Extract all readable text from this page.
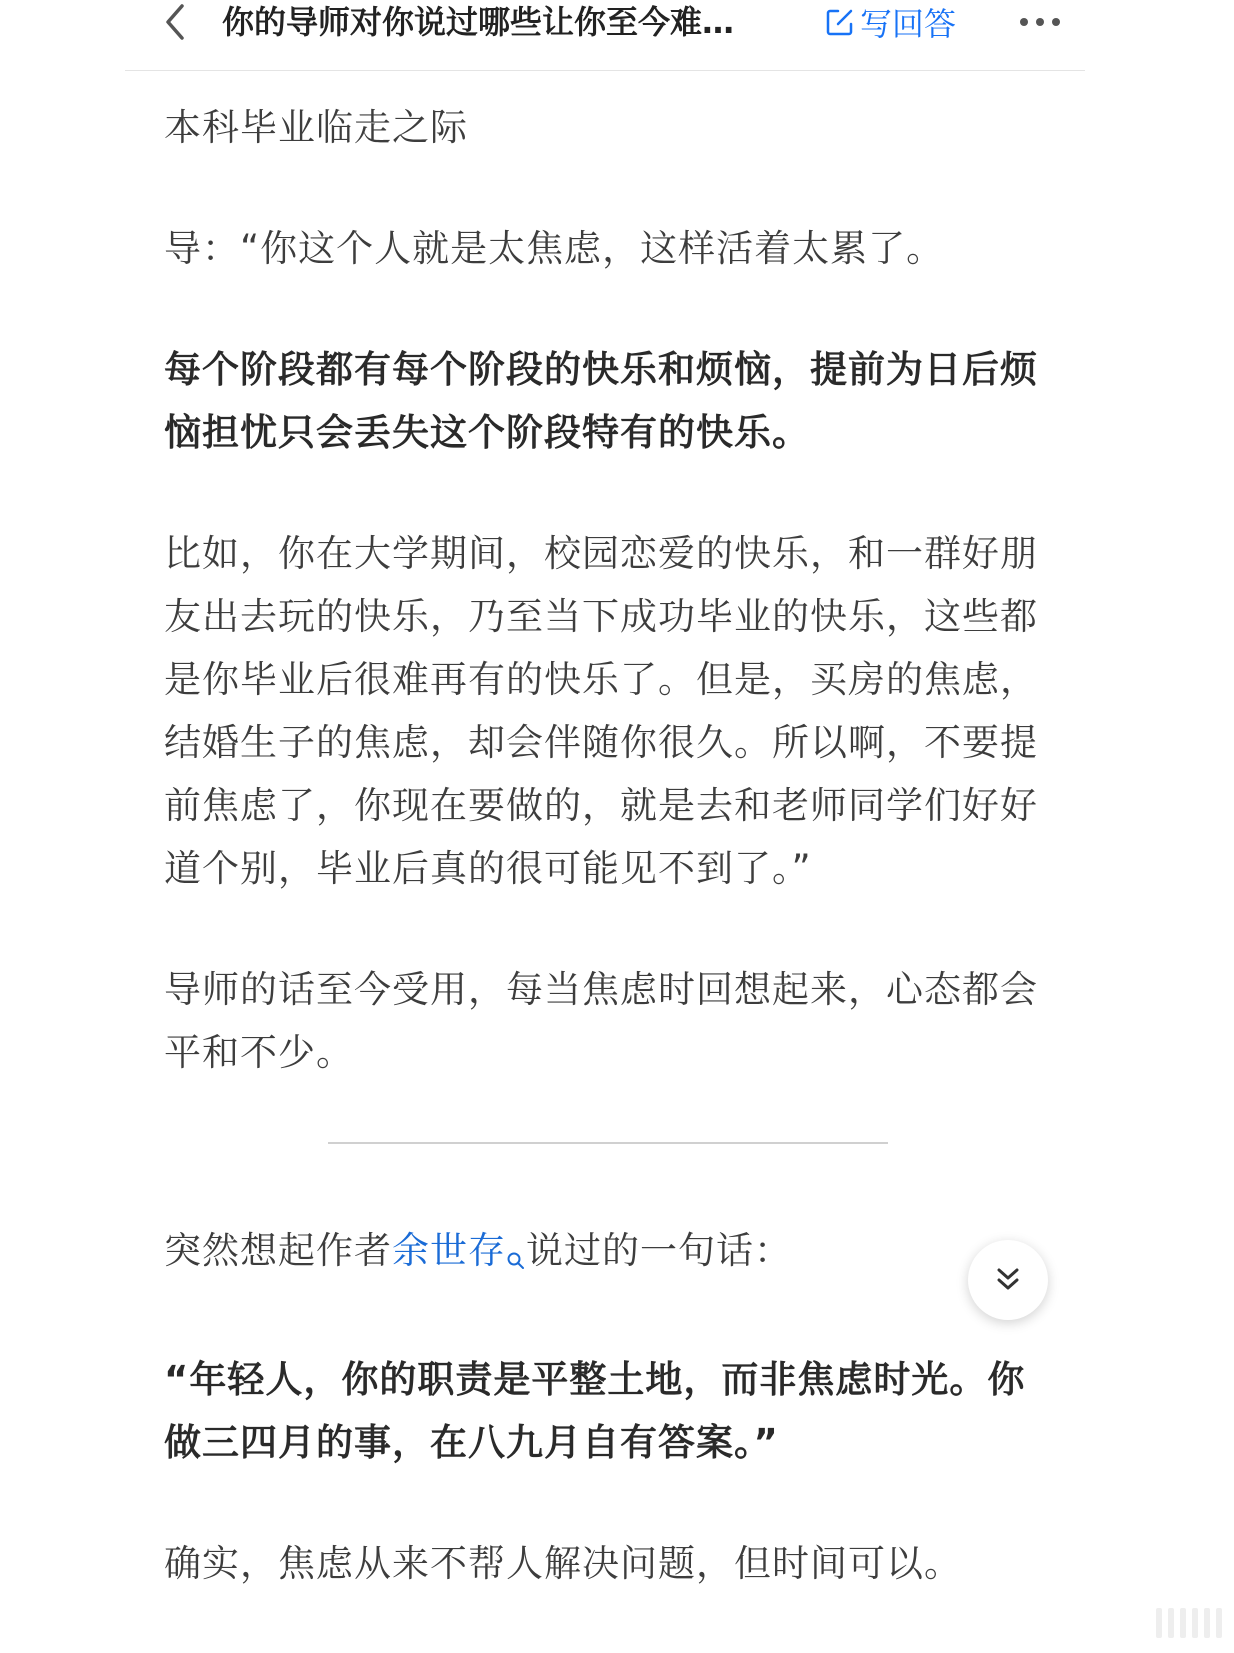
你的导师对你说过哪些让你至今难…	写回答

本科毕业临走之际

导：“你这个人就是太焦虑，这样活着太累了。

每个阶段都有每个阶段的快乐和烦恼，提前为日后烦恼担忧只会丢失这个阶段特有的快乐。

比如，你在大学期间，校园恋爱的快乐，和一群好朋友出去玩的快乐，乃至当下成功毕业的快乐，这些都是你毕业后很难再有的快乐了。但是，买房的焦虑，结婚生子的焦虑，却会伴随你很久。所以啊，不要提前焦虑了，你现在要做的，就是去和老师同学们好好道个别，毕业后真的很可能见不到了。”

导师的话至今受用，每当焦虑时回想起来，心态都会平和不少。

突然想起作者余世存 说过的一句话：

“年轻人，你的职责是平整土地，而非焦虑时光。你做三四月的事，在八九月自有答案。”

确实，焦虑从来不帮人解决问题，但时间可以。
